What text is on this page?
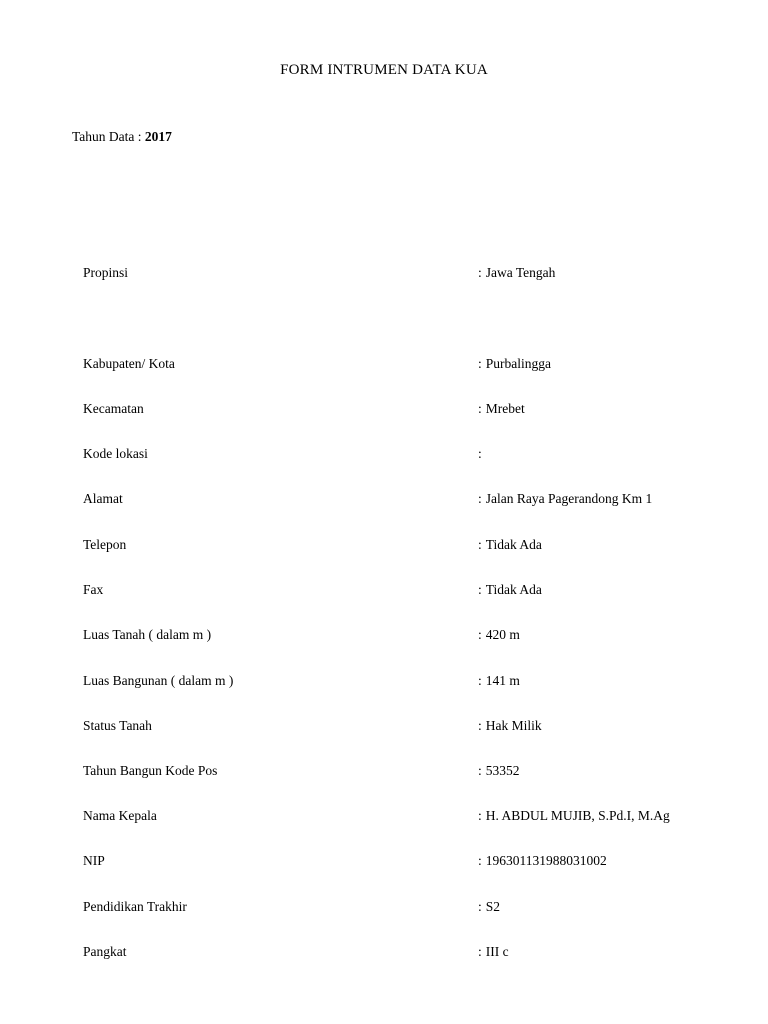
FORM INTRUMEN DATA KUA
Tahun Data : 2017
Propinsi	: Jawa Tengah
Kabupaten/ Kota	: Purbalingga
Kecamatan	: Mrebet
Kode lokasi	:
Alamat	: Jalan Raya Pagerandong Km 1
Telepon	: Tidak Ada
Fax	: Tidak Ada
Luas Tanah ( dalam m )	: 420 m
Luas Bangunan ( dalam m )	: 141 m
Status Tanah	: Hak Milik
Tahun Bangun Kode Pos	: 53352
Nama Kepala	: H. ABDUL MUJIB, S.Pd.I, M.Ag
NIP	: 196301131988031002
Pendidikan Trakhir	: S2
Pangkat	: III c
